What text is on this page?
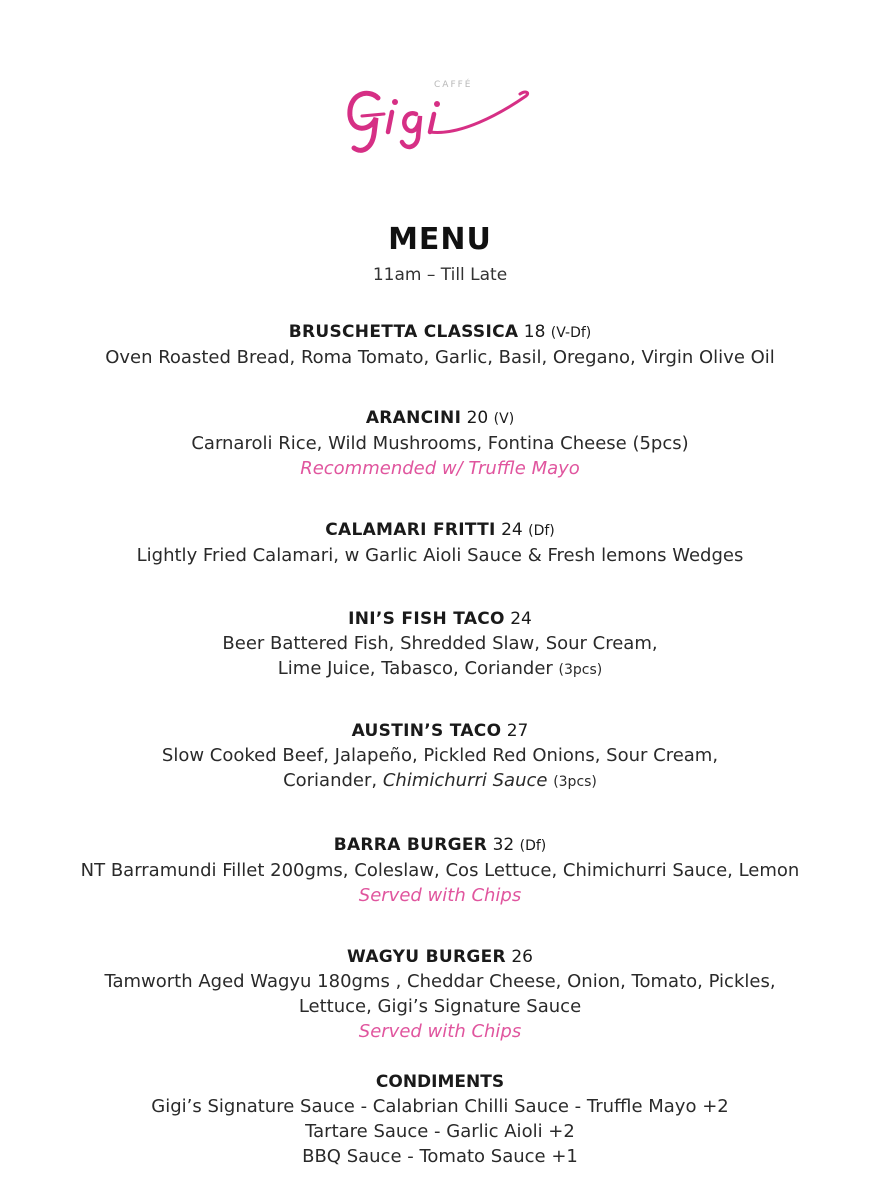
CAFFÉ
MENU
11am – Till Late
BRUSCHETTA CLASSICA 18 (V-Df)
Oven Roasted Bread, Roma Tomato, Garlic, Basil, Oregano, Virgin Olive Oil
ARANCINI 20 (V)
Carnaroli Rice, Wild Mushrooms, Fontina Cheese (5pcs)
Recommended w/ Truffle Mayo
CALAMARI FRITTI 24 (Df)
Lightly Fried Calamari, w Garlic Aioli Sauce & Fresh lemons Wedges
INI’S FISH TACO 24
Beer Battered Fish, Shredded Slaw, Sour Cream,
Lime Juice, Tabasco, Coriander (3pcs)
AUSTIN’S TACO 27
Slow Cooked Beef, Jalapeño, Pickled Red Onions, Sour Cream,
Coriander, Chimichurri Sauce (3pcs)
BARRA BURGER 32 (Df)
NT Barramundi Fillet 200gms, Coleslaw, Cos Lettuce, Chimichurri Sauce, Lemon
Served with Chips
WAGYU BURGER 26
Tamworth Aged Wagyu 180gms , Cheddar Cheese, Onion, Tomato, Pickles,
Lettuce, Gigi’s Signature Sauce
Served with Chips
CONDIMENTS
Gigi’s Signature Sauce - Calabrian Chilli Sauce - Truffle Mayo +2
Tartare Sauce - Garlic Aioli +2
BBQ Sauce - Tomato Sauce +1
